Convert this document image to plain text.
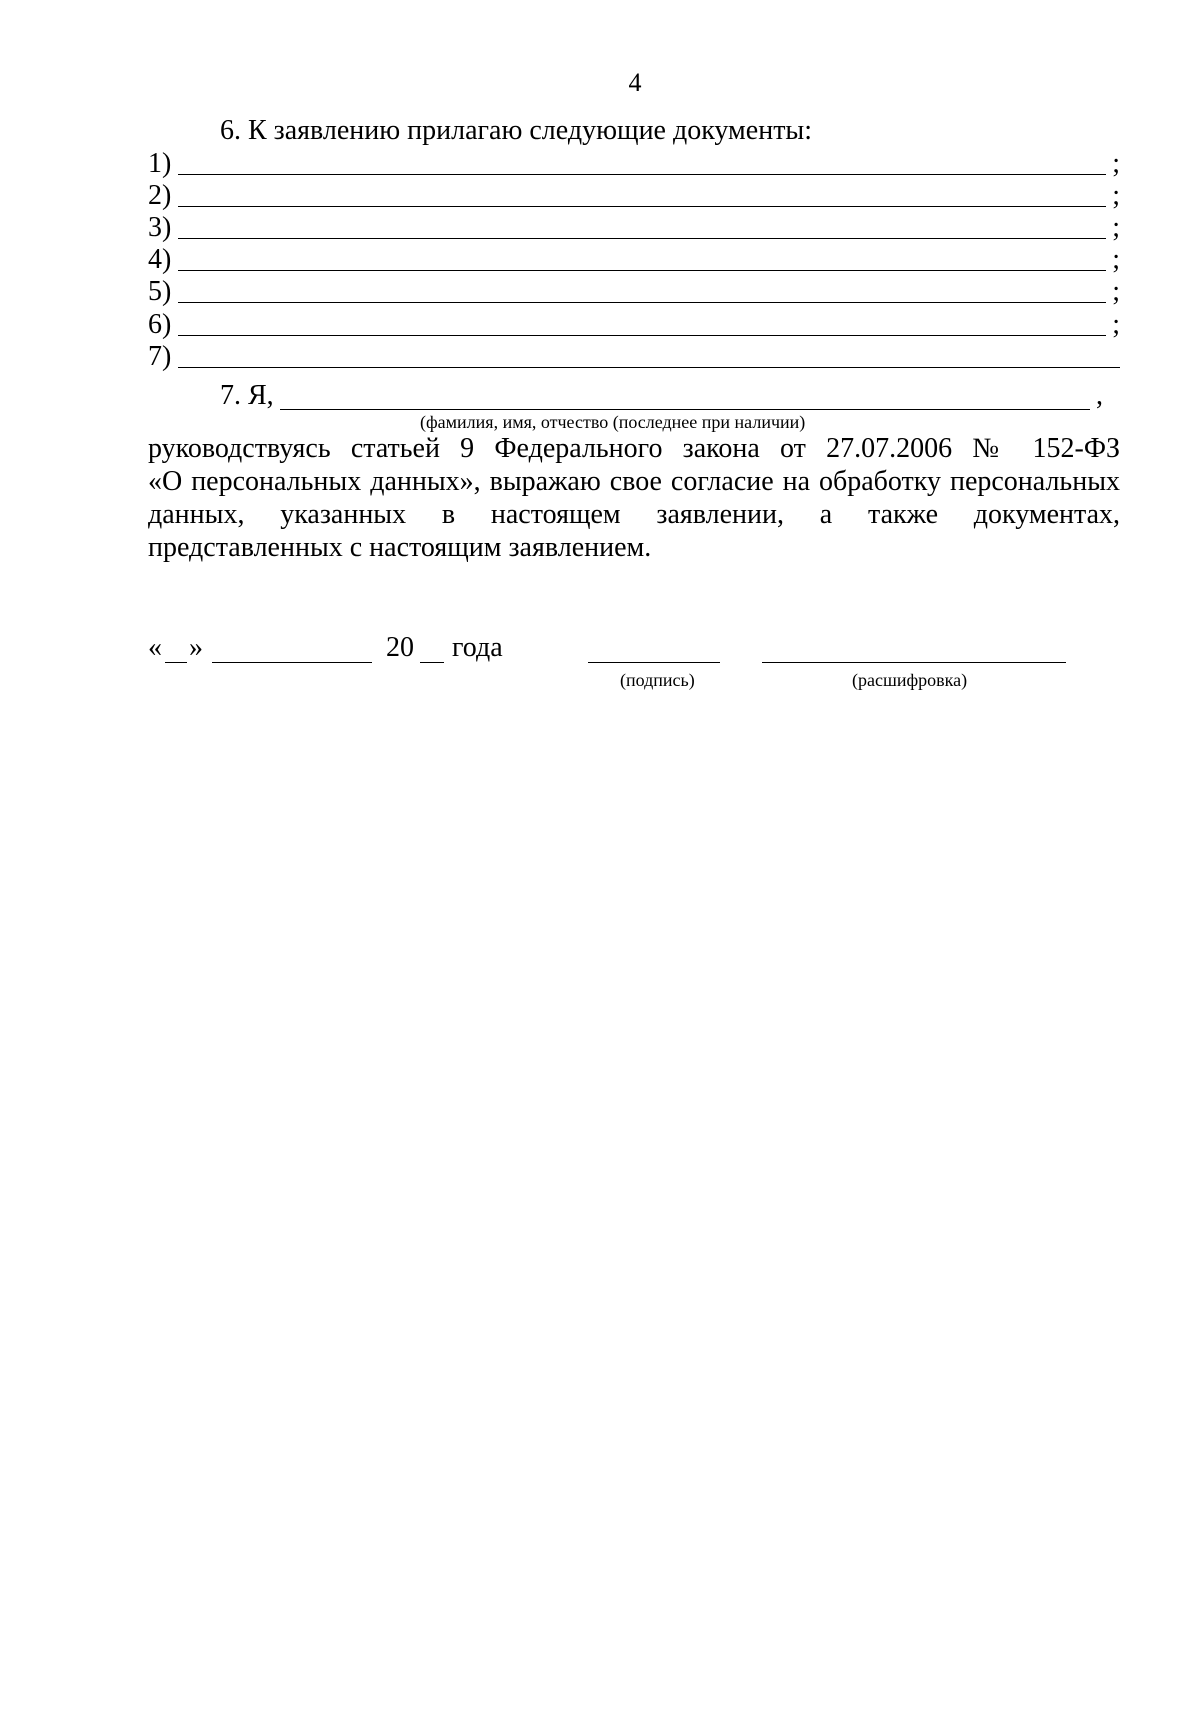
4
6. К заявлению прилагаю следующие документы:
1)	;
2)	;
3)	;
4)	;
5)	;
6)	;
7)
7. Я,	,
(фамилия, имя, отчество (последнее при наличии)
руководствуясь статьей 9 Федерального закона от 27.07.2006 № 152-ФЗ
«О персональных данных», выражаю свое согласие на обработку персональных
данных, указанных в настоящем заявлении, а также документах,
представленных с настоящим заявлением.
« »	20 года
(подпись)	(расшифровка)
